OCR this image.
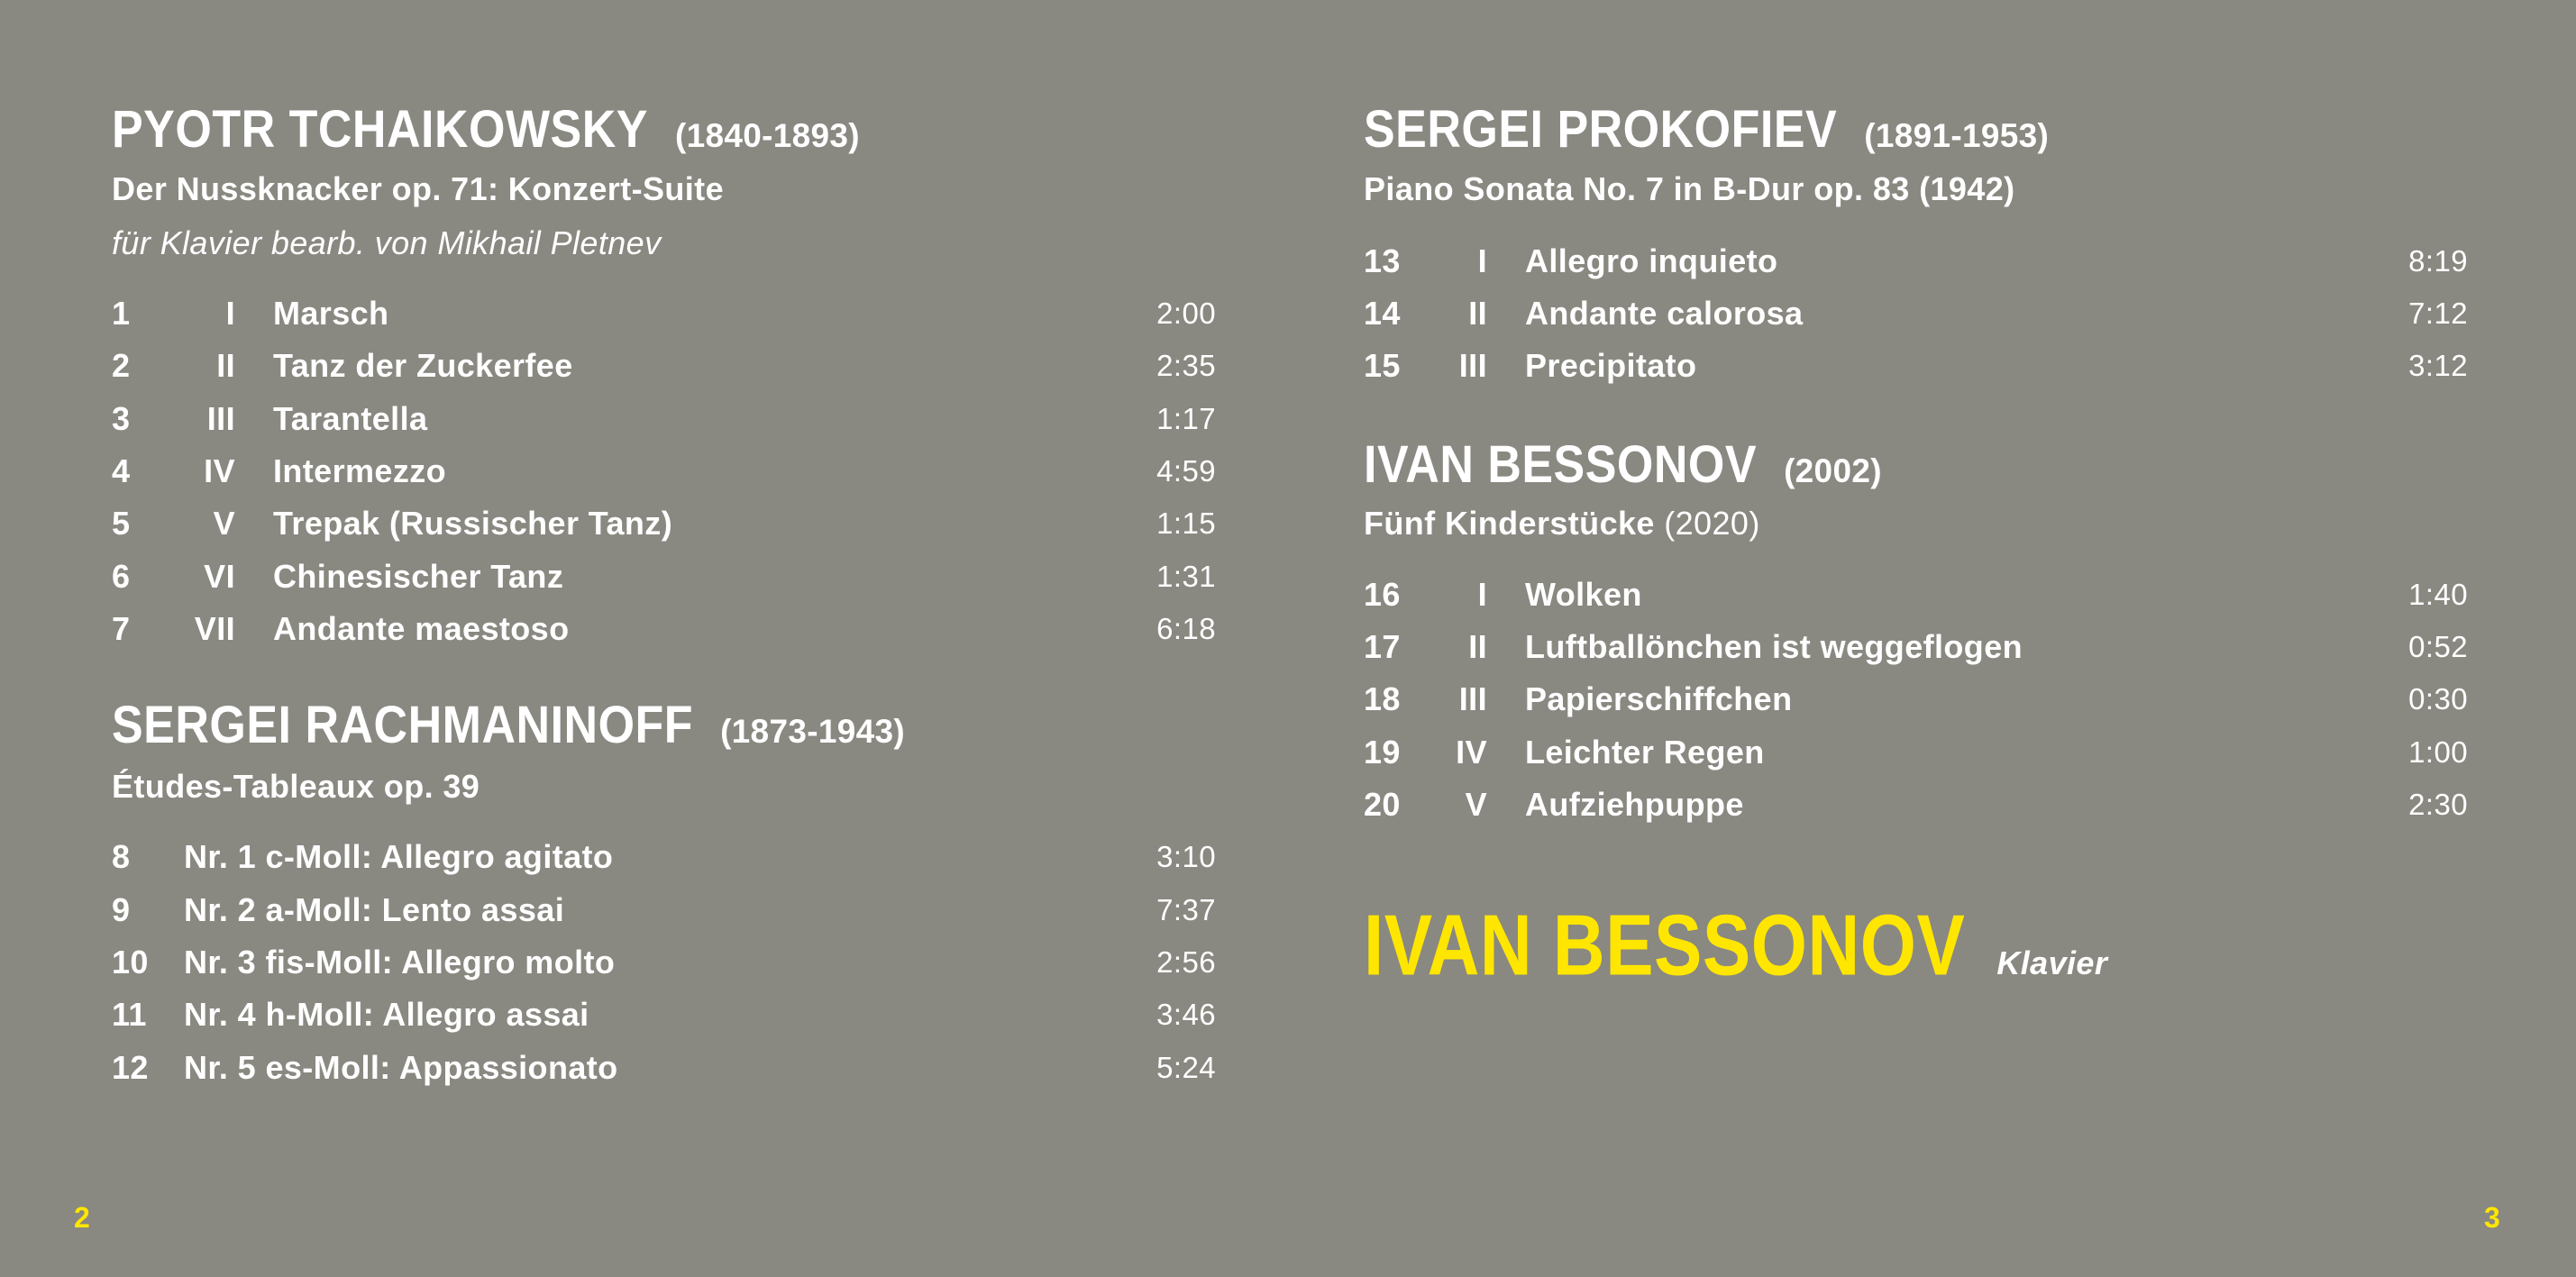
PYOTR TCHAIKOWSKY (1840-1893)
Der Nussknacker op. 71: Konzert-Suite
für Klavier bearb. von Mikhail Pletnev
1	I Marsch	2:00
2	II Tanz der Zuckerfee	2:35
3	III Tarantella	1:17
4	IV Intermezzo	4:59
5	V Trepak (Russischer Tanz)	1:15
6	VI Chinesischer Tanz	1:31
7	VII Andante maestoso	6:18
SERGEI RACHMANINOFF (1873-1943)
Études-Tableaux op. 39
8 Nr. 1 c-Moll: Allegro agitato	3:10
9 Nr. 2 a-Moll: Lento assai	7:37
10 Nr. 3 fis-Moll: Allegro molto	2:56
11 Nr. 4 h-Moll: Allegro assai	3:46
12 Nr. 5 es-Moll: Appassionato	5:24
SERGEI PROKOFIEV (1891-1953)
Piano Sonata No. 7 in B-Dur op. 83 (1942)
13	I Allegro inquieto	8:19
14	II Andante calorosa	7:12
15	III Precipitato	3:12
IVAN BESSONOV (2002)
Fünf Kinderstücke (2020)
16	I Wolken	1:40
17	II Luftballönchen ist weggeflogen	0:52
18	III Papierschiffchen	0:30
19	IV Leichter Regen	1:00
20	V Aufziehpuppe	2:30
IVAN BESSONOV Klavier
2	3
